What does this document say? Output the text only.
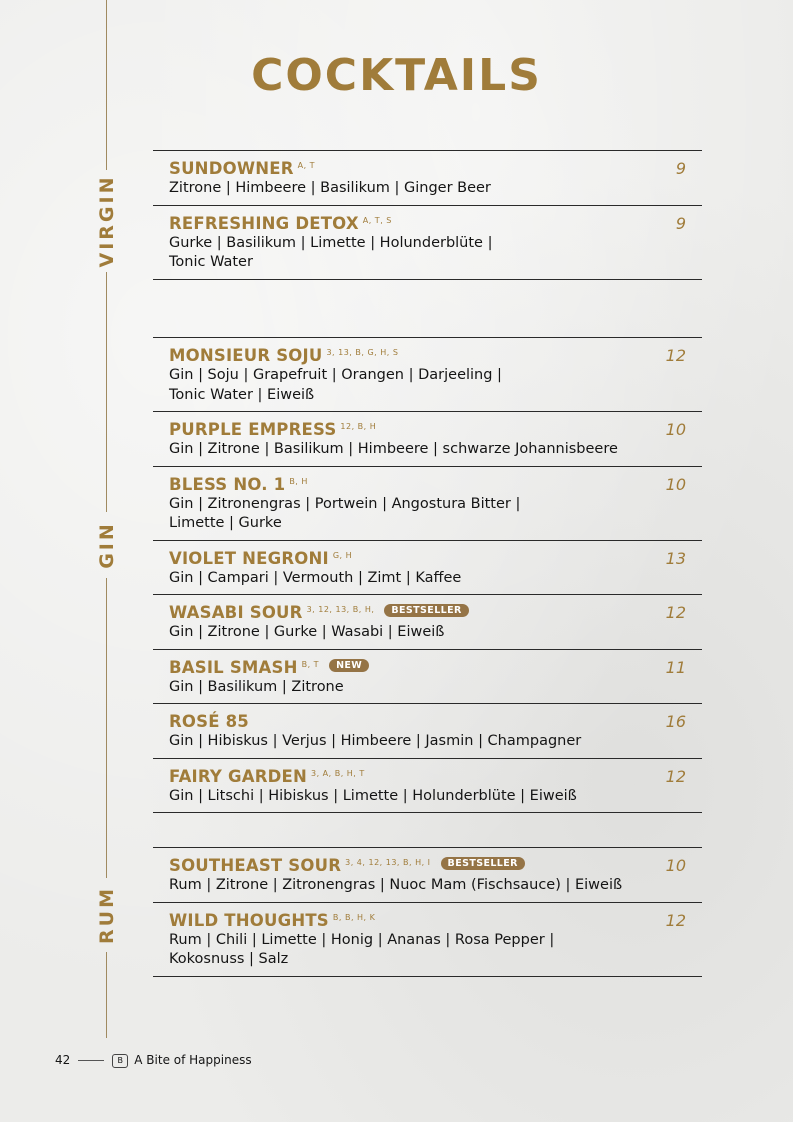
COCKTAILS
VIRGIN
GIN
RUM
SUNDOWNER $^{A, T}$	9
Zitrone | Himbeere | Basilikum | Ginger Beer
REFRESHING DETOX $^{A, T, S}$	9
Gurke | Basilikum | Limette | Holunderblüte | Tonic Water
MONSIEUR SOJU $^{3, 13, B, G, H, S}$	12
Gin | Soju | Grapefruit | Orangen | Darjeeling | Tonic Water | Eiweiß
PURPLE EMPRESS $^{12, B, H}$	10
Gin | Zitrone | Basilikum | Himbeere | schwarze Johannisbeere
BLESS NO. 1 $^{B, H}$	10
Gin | Zitronengras | Portwein | Angostura Bitter | Limette | Gurke
VIOLET NEGRONI $^{G, H}$	13
Gin | Campari | Vermouth | Zimt | Kaffee
WASABI SOUR $^{3, 12, 13, B, H,}$ BESTSELLER	12
Gin | Zitrone | Gurke | Wasabi | Eiweiß
BASIL SMASH $^{B, T}$ NEW	11
Gin | Basilikum | Zitrone
ROSÉ 85	16
Gin | Hibiskus | Verjus | Himbeere | Jasmin | Champagner
FAIRY GARDEN $^{3, A, B, H, T}$	12
Gin | Litschi | Hibiskus | Limette | Holunderblüte | Eiweiß
SOUTHEAST SOUR $^{3, 4, 12, 13, B, H, I}$ BESTSELLER	10
Rum | Zitrone | Zitronengras | Nuoc Mam (Fischsauce) | Eiweiß
WILD THOUGHTS $^{B, B, H, K}$	12
Rum | Chili | Limette | Honig | Ananas | Rosa Pepper | Kokosnuss | Salz
42	B A Bite of Happiness
